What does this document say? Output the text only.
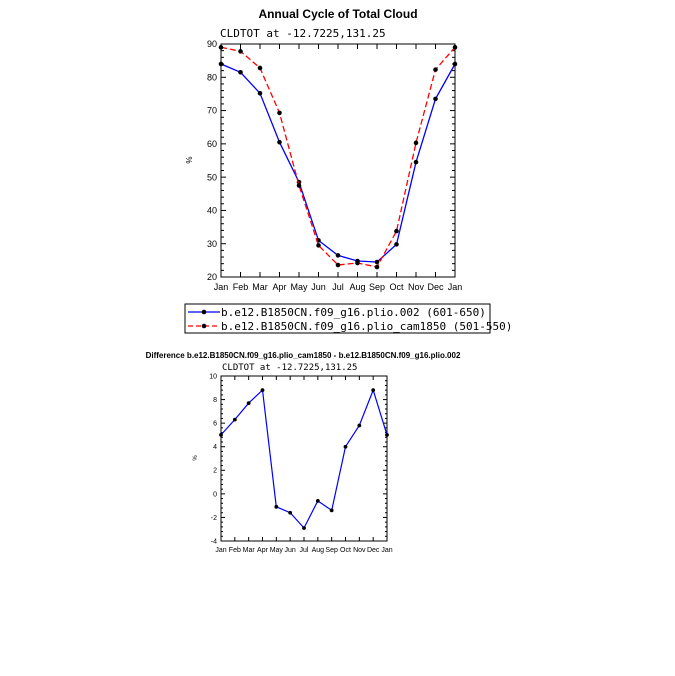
Annual Cycle of Total Cloud
CLDTOT at -12.7225,131.25
%
b.e12.B1850CN.f09_g16.plio.002 (601-650)
b.e12.B1850CN.f09_g16.plio_cam1850 (501-550)
Difference b.e12.B1850CN.f09_g16.plio_cam1850 - b.e12.B1850CN.f09_g16.plio.002
CLDTOT at -12.7225,131.25
%
20
30
40
50
60
70
80
90
Jan Feb Mar Apr May Jun Jul Aug Sep Oct Nov Dec Jan
-4
-2
0
2
4
6
8
10
Jan Feb Mar Apr May Jun Jul Aug Sep Oct Nov Dec Jan
